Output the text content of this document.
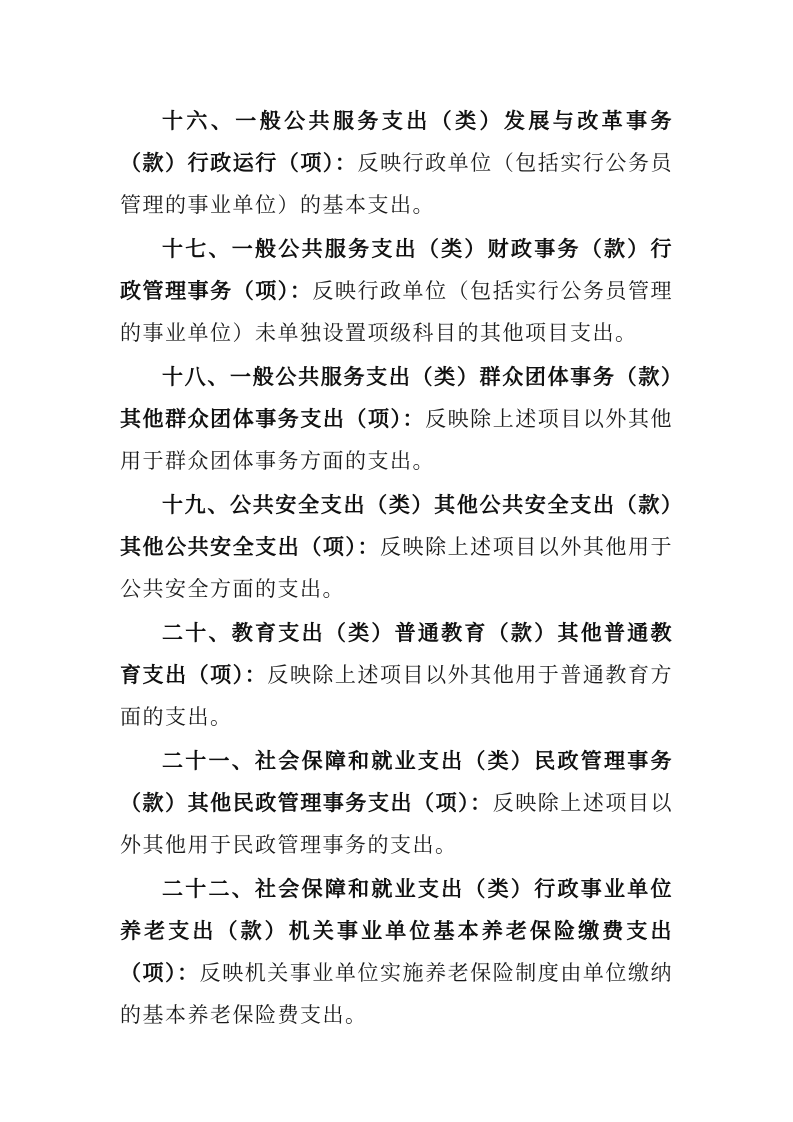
十六、一般公共服务支出（类）发展与改革事务（款）行政运行（项）：反映行政单位（包括实行公务员管理的事业单位）的基本支出。

十七、一般公共服务支出（类）财政事务（款）行政管理事务（项）：反映行政单位（包括实行公务员管理的事业单位）未单独设置项级科目的其他项目支出。

十八、一般公共服务支出（类）群众团体事务（款）其他群众团体事务支出（项）：反映除上述项目以外其他用于群众团体事务方面的支出。

十九、公共安全支出（类）其他公共安全支出（款）其他公共安全支出（项）：反映除上述项目以外其他用于公共安全方面的支出。

二十、教育支出（类）普通教育（款）其他普通教育支出（项）：反映除上述项目以外其他用于普通教育方面的支出。

二十一、社会保障和就业支出（类）民政管理事务（款）其他民政管理事务支出（项）：反映除上述项目以外其他用于民政管理事务的支出。

二十二、社会保障和就业支出（类）行政事业单位养老支出（款）机关事业单位基本养老保险缴费支出（项）：反映机关事业单位实施养老保险制度由单位缴纳的基本养老保险费支出。
